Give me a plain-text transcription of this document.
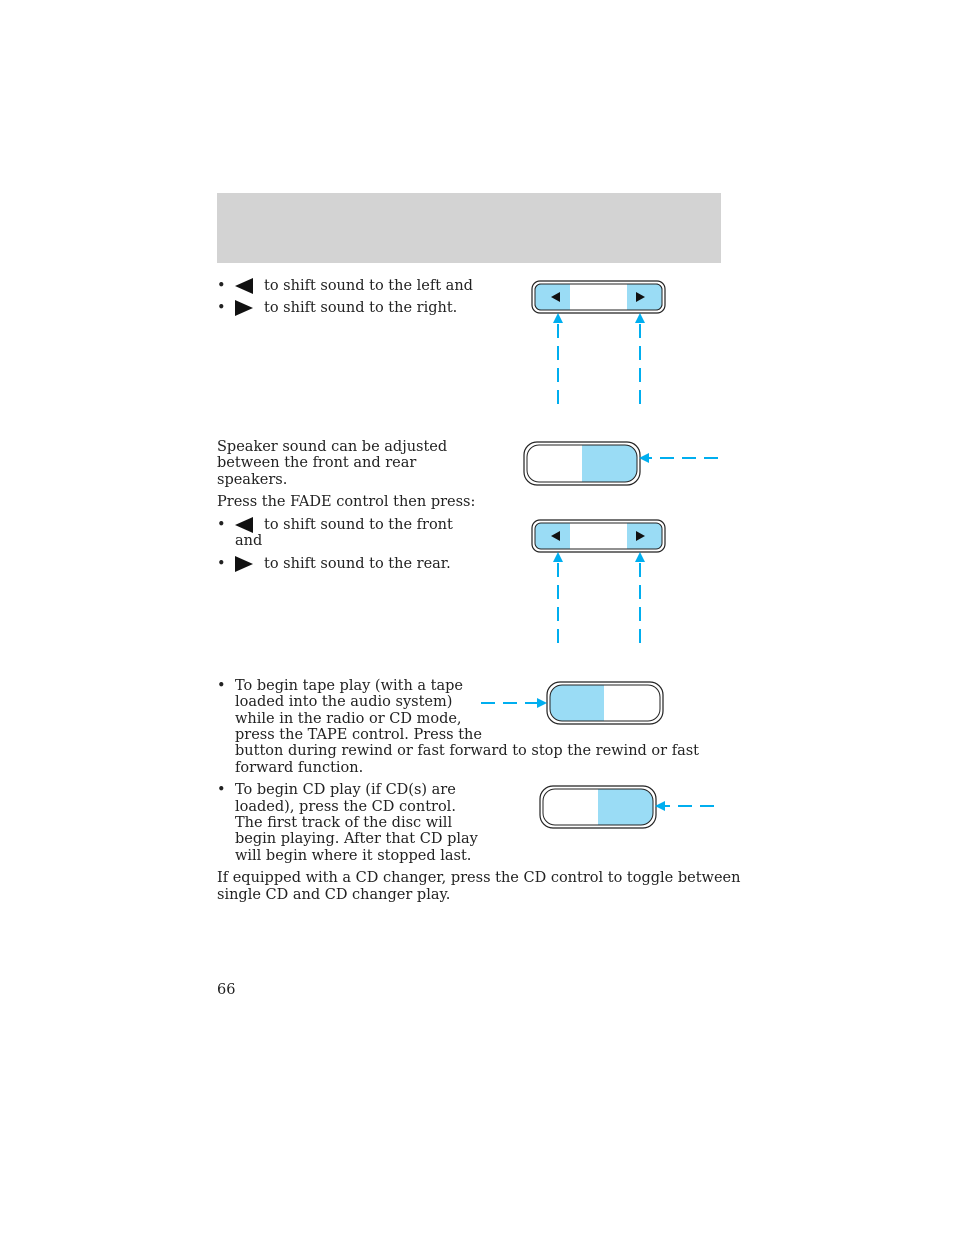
•	to shift sound to the left and
•	to shift sound to the right.
Speaker sound can be adjusted
between the front and rear
speakers.
Press the FADE control then press:
•	to shift sound to the front
and
•	to shift sound to the rear.
• To begin tape play (with a tape
loaded into the audio system)
while in the radio or CD mode,
press the TAPE control. Press the
button during rewind or fast forward to stop the rewind or fast
forward function.
• To begin CD play (if CD(s) are
loaded), press the CD control.
The first track of the disc will
begin playing. After that CD play
will begin where it stopped last.
If equipped with a CD changer, press the CD control to toggle between
single CD and CD changer play.
66
